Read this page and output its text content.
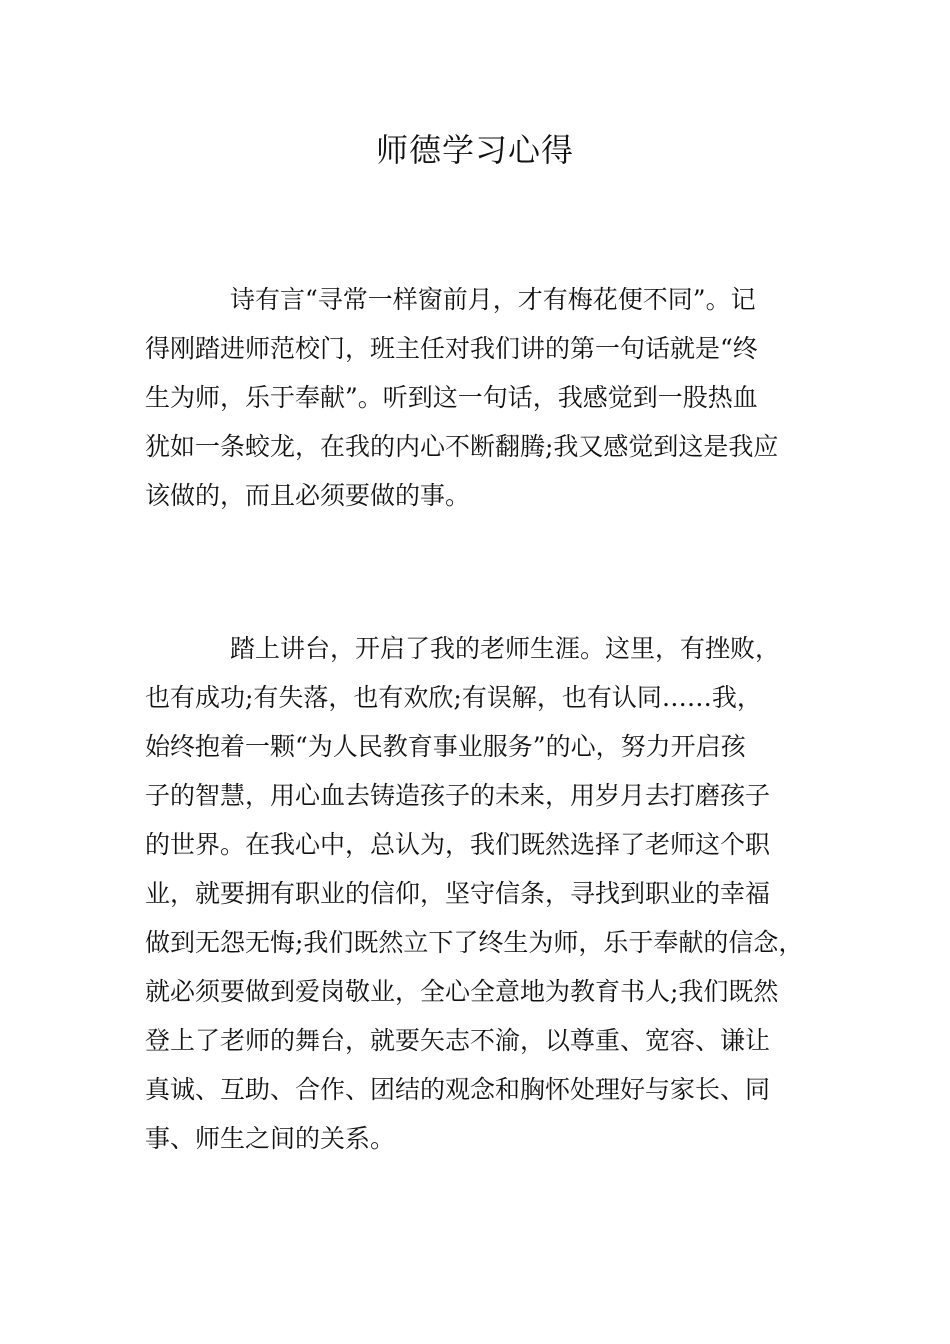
师德学习心得

诗有言“寻常一样窗前月，才有梅花便不同”。记
得刚踏进师范校门，班主任对我们讲的第一句话就是“终
生为师，乐于奉献”。听到这一句话，我感觉到一股热血
犹如一条蛟龙，在我的内心不断翻腾;我又感觉到这是我应
该做的，而且必须要做的事。

踏上讲台，开启了我的老师生涯。这里，有挫败，
也有成功;有失落，也有欢欣;有误解，也有认同……我，
始终抱着一颗“为人民教育事业服务”的心，努力开启孩
子的智慧，用心血去铸造孩子的未来，用岁月去打磨孩子
的世界。在我心中，总认为，我们既然选择了老师这个职
业，就要拥有职业的信仰，坚守信条，寻找到职业的幸福
做到无怨无悔;我们既然立下了终生为师，乐于奉献的信念，
就必须要做到爱岗敬业，全心全意地为教育书人;我们既然
登上了老师的舞台，就要矢志不渝，以尊重、宽容、谦让
真诚、互助、合作、团结的观念和胸怀处理好与家长、同
事、师生之间的关系。
